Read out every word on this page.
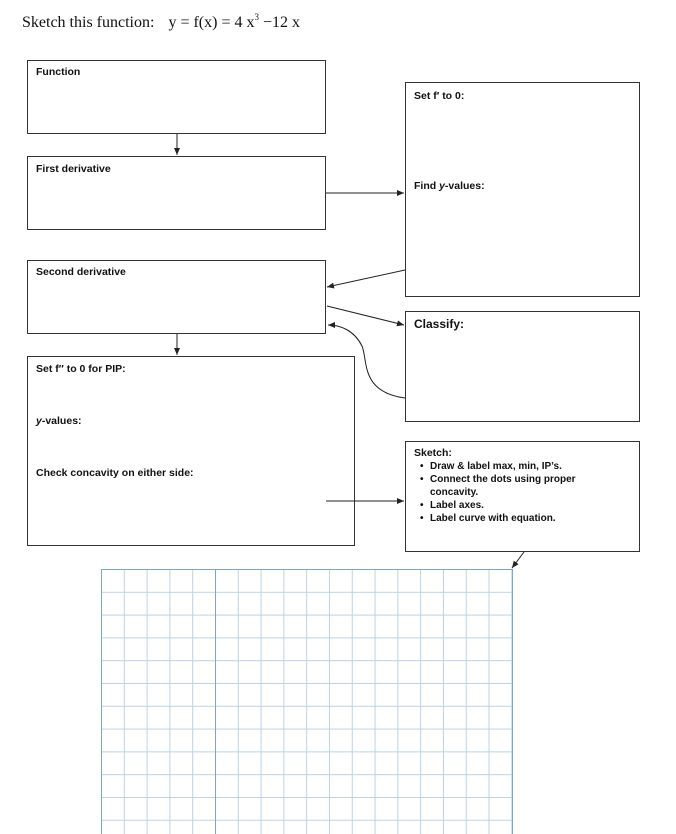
Sketch this function: y = f(x) = 4 $x^3 -12$ x
Function
First derivative
Second derivative
Set f″ to 0 for PIP:
y-values:
Check concavity on either side:
Set f′ to 0:
Find y-values:
Classify:
Sketch:
• Draw & label max, min, IP’s.
• Connect the dots using proper concavity.
• Label axes.
• Label curve with equation.
